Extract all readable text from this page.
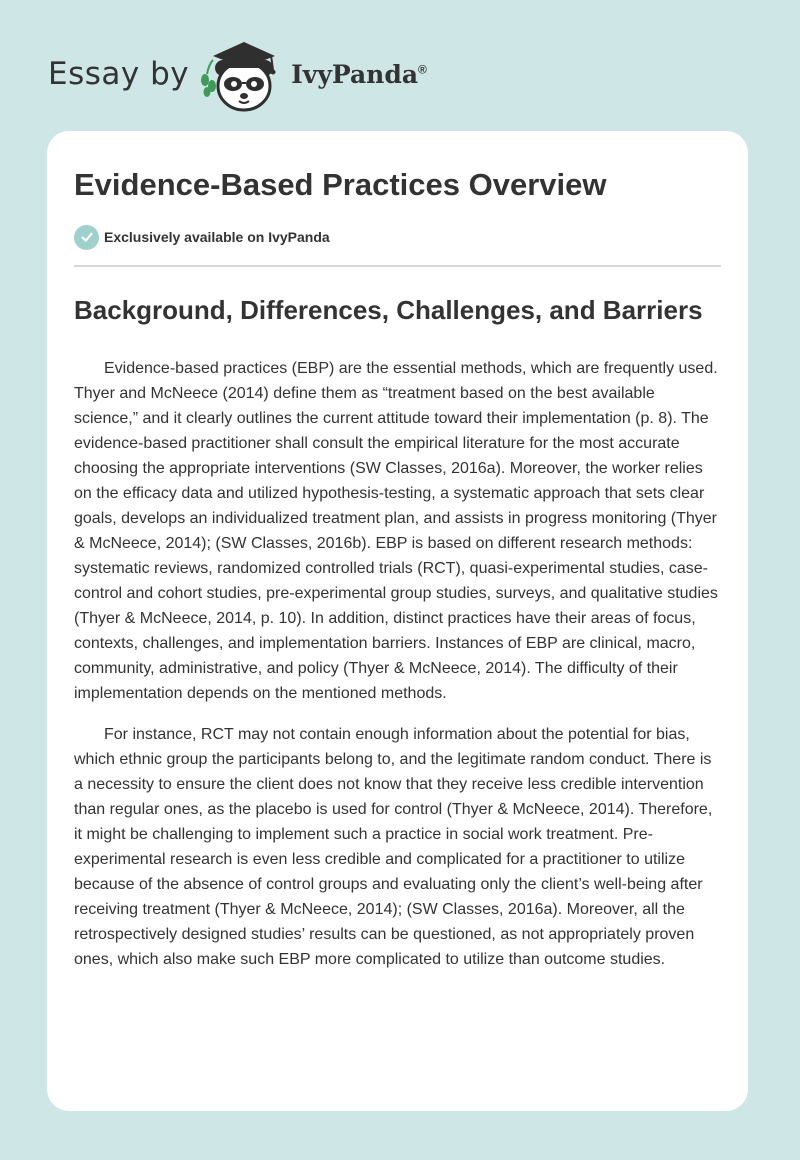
Essay by	IvyPanda®
Evidence-Based Practices Overview
Exclusively available on IvyPanda
Background, Differences, Challenges, and Barriers

Evidence-based practices (EBP) are the essential methods, which are frequently used. Thyer and McNeece (2014) define them as “treatment based on the best available science,” and it clearly outlines the current attitude toward their implementation (p. 8). The evidence-based practitioner shall consult the empirical literature for the most accurate choosing the appropriate interventions (SW Classes, 2016a). Moreover, the worker relies on the efficacy data and utilized hypothesis-testing, a systematic approach that sets clear goals, develops an individualized treatment plan, and assists in progress monitoring (Thyer & McNeece, 2014); (SW Classes, 2016b). EBP is based on different research methods: systematic reviews, randomized controlled trials (RCT), quasi-experimental studies, case-control and cohort studies, pre-experimental group studies, surveys, and qualitative studies (Thyer & McNeece, 2014, p. 10). In addition, distinct practices have their areas of focus, contexts, challenges, and implementation barriers. Instances of EBP are clinical, macro, community, administrative, and policy (Thyer & McNeece, 2014). The difficulty of their implementation depends on the mentioned methods.

For instance, RCT may not contain enough information about the potential for bias, which ethnic group the participants belong to, and the legitimate random conduct. There is a necessity to ensure the client does not know that they receive less credible intervention than regular ones, as the placebo is used for control (Thyer & McNeece, 2014). Therefore, it might be challenging to implement such a practice in social work treatment. Pre-experimental research is even less credible and complicated for a practitioner to utilize because of the absence of control groups and evaluating only the client’s well-being after receiving treatment (Thyer & McNeece, 2014); (SW Classes, 2016a). Moreover, all the retrospectively designed studies’ results can be questioned, as not appropriately proven ones, which also make such EBP more complicated to utilize than outcome studies.
